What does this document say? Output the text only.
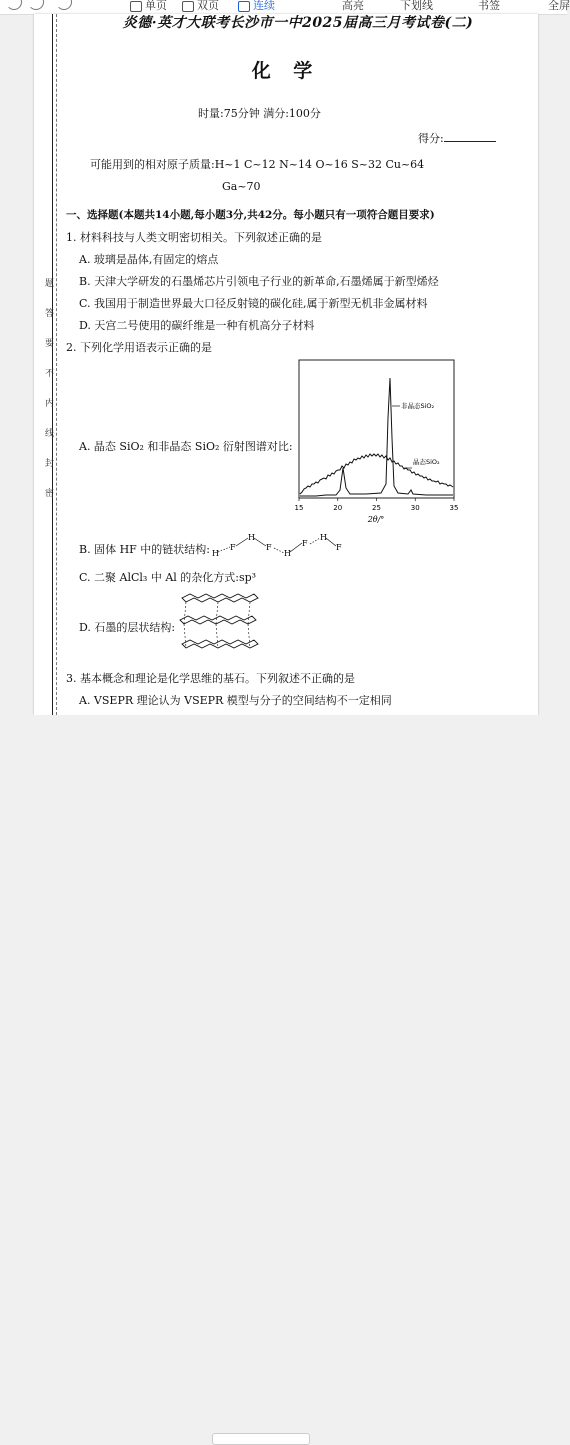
单页	双页	连续	高亮	下划线	书签	全屏
题
答
要
不
内
线
封
密
炎德·英才大联考长沙市一中2025届高三月考试卷(二)
化 学
时量:75分钟 满分:100分
得分:
可能用到的相对原子质量:H~1 C~12 N~14 O~16 S~32 Cu~64
Ga~70
一、选择题(本题共14小题,每小题3分,共42分。每小题只有一项符合题目要求)
1. 材料科技与人类文明密切相关。下列叙述正确的是
A. 玻璃是晶体,有固定的熔点
B. 天津大学研发的石墨烯芯片引领电子行业的新革命,石墨烯属于新型烯烃
C. 我国用于制造世界最大口径反射镜的碳化硅,属于新型无机非金属材料
D. 天宫二号使用的碳纤维是一种有机高分子材料
2. 下列化学用语表示正确的是
A. 晶态 SiO₂ 和非晶态 SiO₂ 衍射图谱对比:
非晶态SiO₂
晶态SiO₂
15	20	25	30	35
2θ/°
B. 固体 HF 中的链状结构: H
F
H
F
H
F
H
F
C. 二聚 AlCl₃ 中 Al 的杂化方式:sp³
D. 石墨的层状结构:
3. 基本概念和理论是化学思维的基石。下列叙述不正确的是
A. VSEPR 理论认为 VSEPR 模型与分子的空间结构不一定相同
